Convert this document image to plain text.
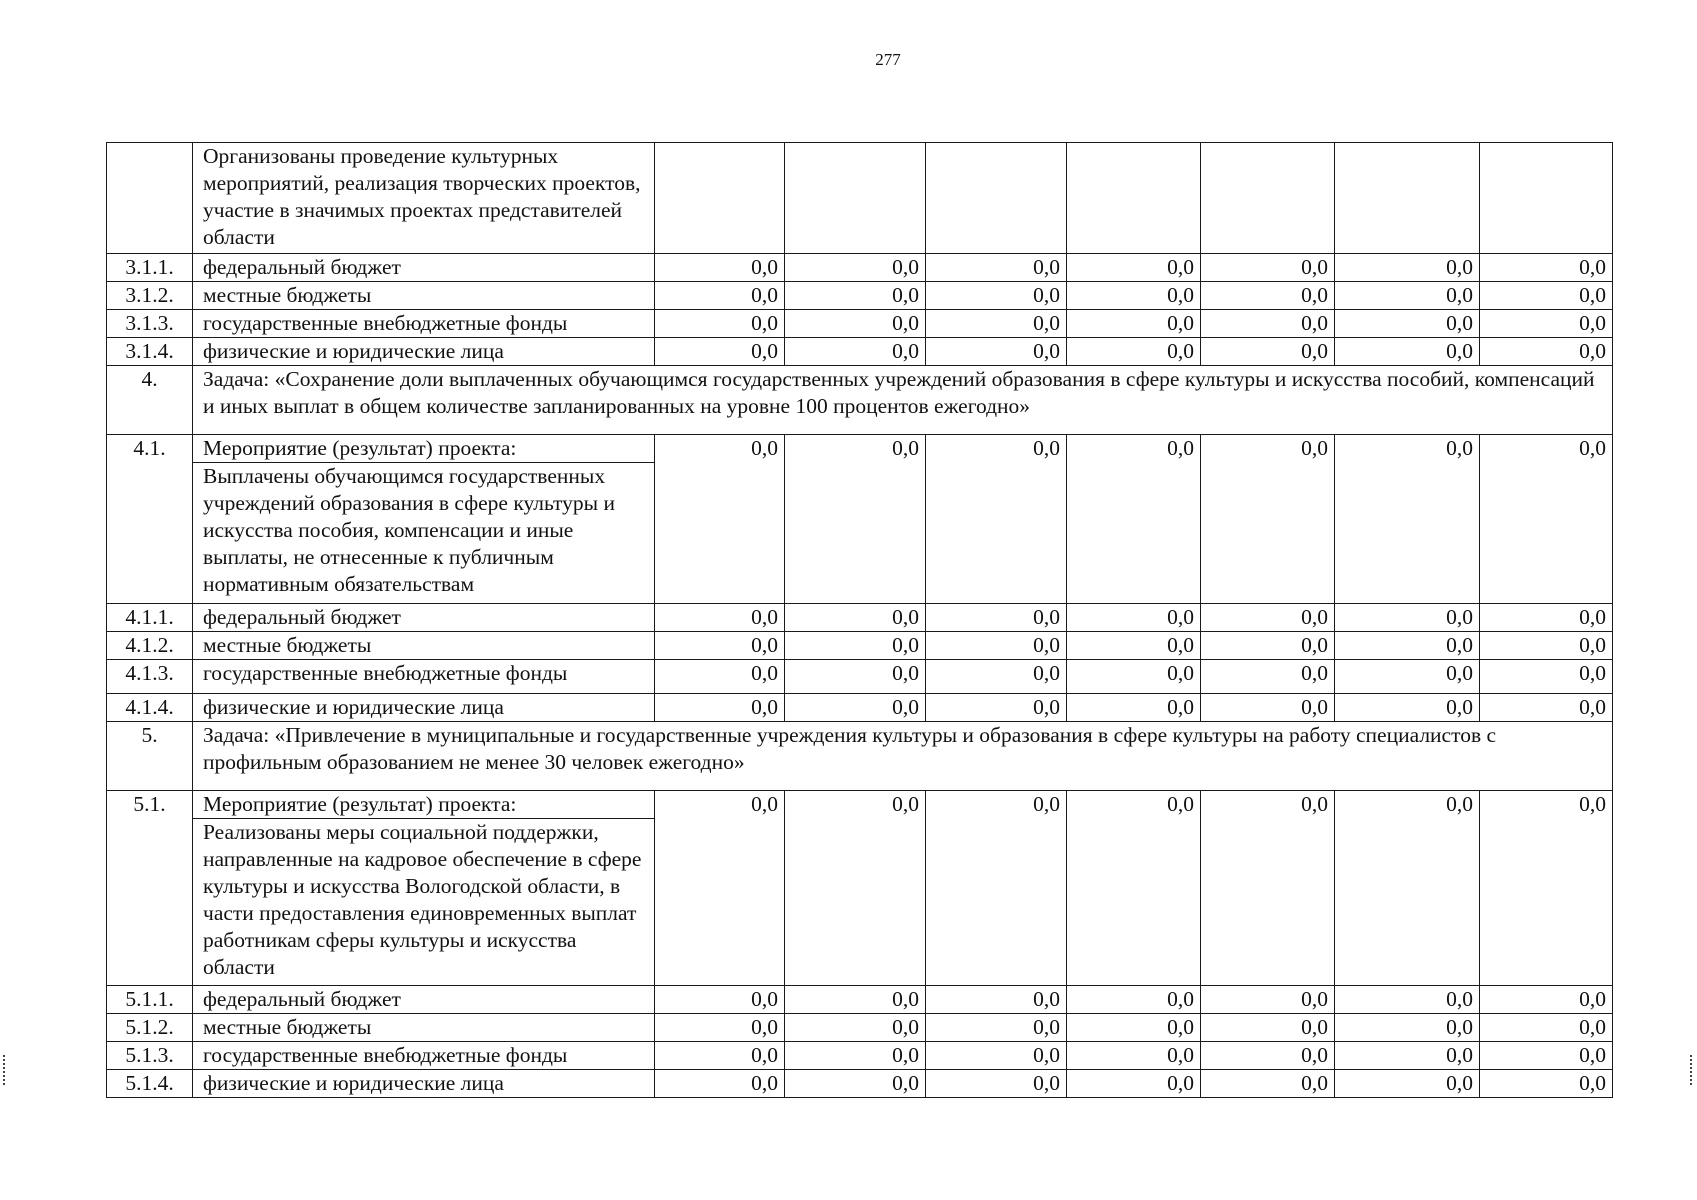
277
	Организованы проведение культурных мероприятий, реализация творческих проектов, участие в значимых проектах представителей области							
3.1.1.	федеральный бюджет	0,0	0,0	0,0	0,0	0,0	0,0	0,0
3.1.2.	местные бюджеты	0,0	0,0	0,0	0,0	0,0	0,0	0,0
3.1.3.	государственные внебюджетные фонды	0,0	0,0	0,0	0,0	0,0	0,0	0,0
3.1.4.	физические и юридические лица	0,0	0,0	0,0	0,0	0,0	0,0	0,0
4.	Задача: «Сохранение доли выплаченных обучающимся государственных учреждений образования в сфере культуры и искусства пособий, компенсаций и иных выплат в общем количестве запланированных на уровне 100 процентов ежегодно»							
4.1.	Мероприятие (результат) проекта:	0,0	0,0	0,0	0,0	0,0	0,0	0,0
	Выплачены обучающимся государственных учреждений образования в сфере культуры и искусства пособия, компенсации и иные выплаты, не отнесенные к публичным нормативным обязательствам							
4.1.1.	федеральный бюджет	0,0	0,0	0,0	0,0	0,0	0,0	0,0
4.1.2.	местные бюджеты	0,0	0,0	0,0	0,0	0,0	0,0	0,0
4.1.3.	государственные внебюджетные фонды	0,0	0,0	0,0	0,0	0,0	0,0	0,0
4.1.4.	физические и юридические лица	0,0	0,0	0,0	0,0	0,0	0,0	0,0
5.	Задача: «Привлечение в муниципальные и государственные учреждения культуры и образования в сфере культуры на работу специалистов с профильным образованием не менее 30 человек ежегодно»							
5.1.	Мероприятие (результат) проекта:	0,0	0,0	0,0	0,0	0,0	0,0	0,0
	Реализованы меры социальной поддержки, направленные на кадровое обеспечение в сфере культуры и искусства Вологодской области, в части предоставления единовременных выплат работникам сферы культуры и искусства области							
5.1.1.	федеральный бюджет	0,0	0,0	0,0	0,0	0,0	0,0	0,0
5.1.2.	местные бюджеты	0,0	0,0	0,0	0,0	0,0	0,0	0,0
5.1.3.	государственные внебюджетные фонды	0,0	0,0	0,0	0,0	0,0	0,0	0,0
5.1.4.	физические и юридические лица	0,0	0,0	0,0	0,0	0,0	0,0	0,0
